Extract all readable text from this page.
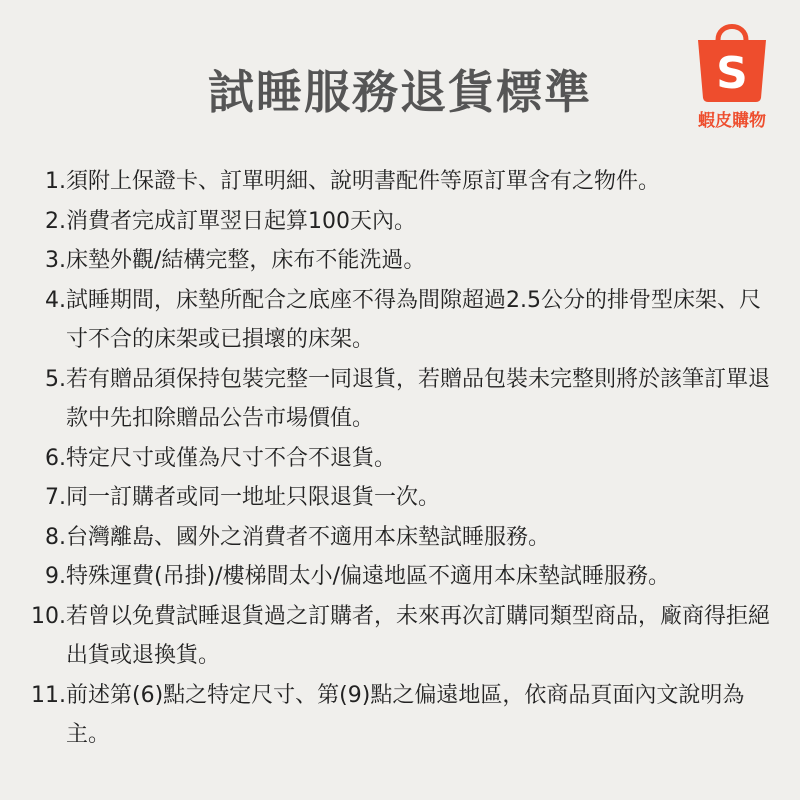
試睡服務退貨標準	S
蝦皮購物
1. 須附上保證卡、訂單明細、說明書配件等原訂單含有之物件。
2. 消費者完成訂單翌日起算100天內。
3. 床墊外觀/結構完整，床布不能洗過。
4. 試睡期間，床墊所配合之底座不得為間隙超過2.5公分的排骨型床架、尺寸不合的床架或已損壞的床架。
5. 若有贈品須保持包裝完整一同退貨，若贈品包裝未完整則將於該筆訂單退款中先扣除贈品公告市場價值。
6. 特定尺寸或僅為尺寸不合不退貨。
7. 同一訂購者或同一地址只限退貨一次。
8. 台灣離島、國外之消費者不適用本床墊試睡服務。
9. 特殊運費(吊掛)/樓梯間太小/偏遠地區不適用本床墊試睡服務。
10. 若曾以免費試睡退貨過之訂購者，未來再次訂購同類型商品，廠商得拒絕出貨或退換貨。
11. 前述第(6)點之特定尺寸、第(9)點之偏遠地區，依商品頁面內文說明為主。
